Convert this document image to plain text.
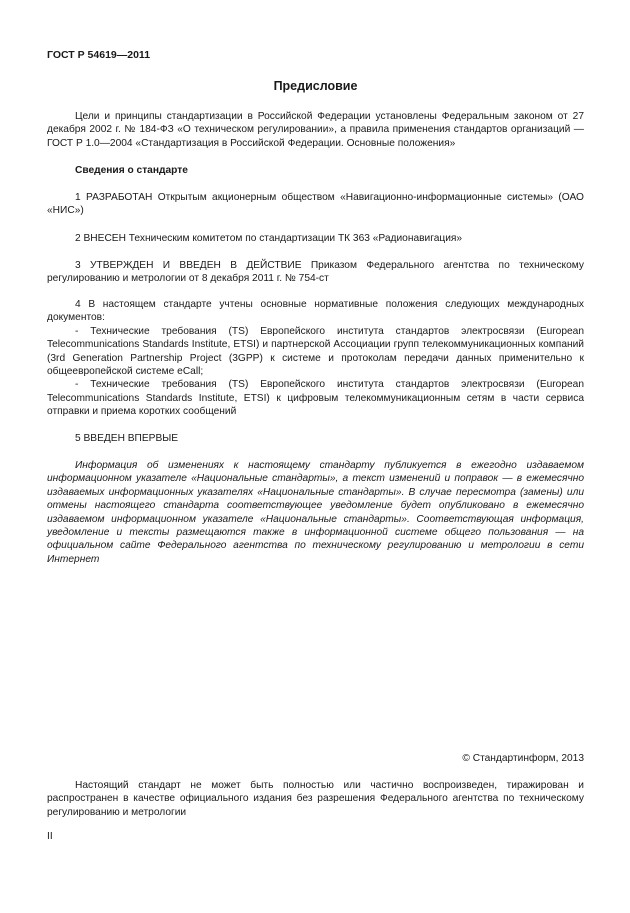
ГОСТ Р 54619—2011
Предисловие

Цели и принципы стандартизации в Российской Федерации установлены Федеральным законом от 27 декабря 2002 г. № 184-ФЗ «О техническом регулировании», а правила применения стандартов организаций — ГОСТ Р 1.0—2004 «Стандартизация в Российской Федерации. Основные положения»

Сведения о стандарте

1 РАЗРАБОТАН Открытым акционерным обществом «Навигационно-информационные системы» (ОАО «НИС»)

2 ВНЕСЕН Техническим комитетом по стандартизации ТК 363 «Радионавигация»

3 УТВЕРЖДЕН И ВВЕДЕН В ДЕЙСТВИЕ Приказом Федерального агентства по техническому регулированию и метрологии от 8 декабря 2011 г. № 754-ст

4 В настоящем стандарте учтены основные нормативные положения следующих международных документов:

- Технические требования (TS) Европейского института стандартов электросвязи (European Telecommunications Standards Institute, ETSI) и партнерской Ассоциации групп телекоммуникационных компаний (3rd Generation Partnership Project (3GPP) к системе и протоколам передачи данных применительно к общеевропейской системе eCall;

- Технические требования (TS) Европейского института стандартов электросвязи (European Telecommunications Standards Institute, ETSI) к цифровым телекоммуникационным сетям в части сервиса отправки и приема коротких сообщений

5 ВВЕДЕН ВПЕРВЫЕ

Информация об изменениях к настоящему стандарту публикуется в ежегодно издаваемом информационном указателе «Национальные стандарты», а текст изменений и поправок — в ежемесячно издаваемых информационных указателях «Национальные стандарты». В случае пересмотра (замены) или отмены настоящего стандарта соответствующее уведомление будет опубликовано в ежемесячно издаваемом информационном указателе «Национальные стандарты». Соответствующая информация, уведомление и тексты размещаются также в информационной системе общего пользования — на официальном сайте Федерального агентства по техническому регулированию и метрологии в сети Интернет

© Стандартинформ, 2013

Настоящий стандарт не может быть полностью или частично воспроизведен, тиражирован и распространен в качестве официального издания без разрешения Федерального агентства по техническому регулированию и метрологии

II
